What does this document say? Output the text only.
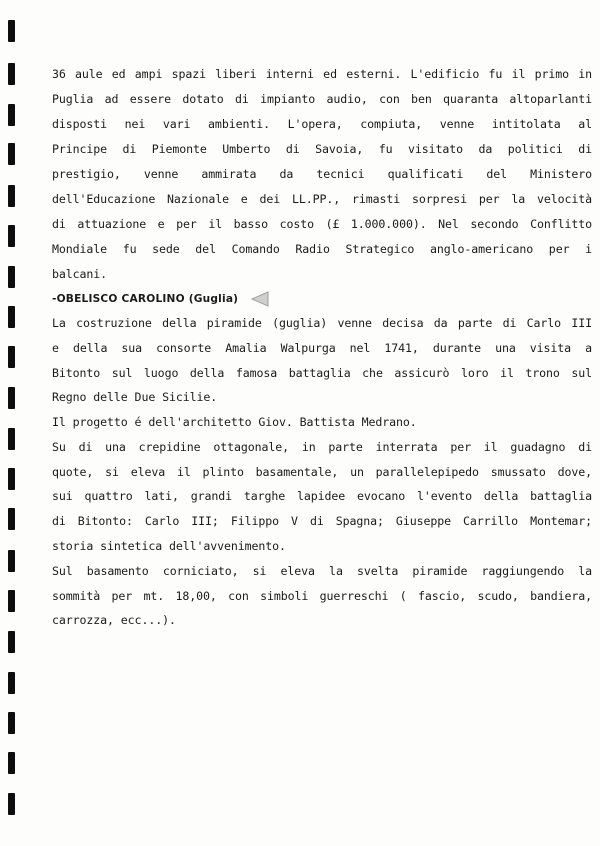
36 aule ed ampi spazi liberi interni ed esterni. L'edificio fu il primo in
Puglia ad essere dotato di impianto audio, con ben quaranta altoparlanti
disposti nei vari ambienti. L'opera, compiuta, venne intitolata al
Principe di Piemonte Umberto di Savoia, fu visitato da politici di
prestigio, venne ammirata da tecnici qualificati del Ministero
dell'Educazione Nazionale e dei LL.PP., rimasti sorpresi per la velocità
di attuazione e per il basso costo (£ 1.000.000). Nel secondo Conflitto
Mondiale fu sede del Comando Radio Strategico anglo-americano per i
balcani.
-OBELISCO CAROLINO (Guglia)
La costruzione della piramide (guglia) venne decisa da parte di Carlo III
e della sua consorte Amalia Walpurga nel 1741, durante una visita a
Bitonto sul luogo della famosa battaglia che assicurò loro il trono sul
Regno delle Due Sicilie.
Il progetto é dell'architetto Giov. Battista Medrano.
Su di una crepidine ottagonale, in parte interrata per il guadagno di
quote, si eleva il plinto basamentale, un parallelepipedo smussato dove,
sui quattro lati, grandi targhe lapidee evocano l'evento della battaglia
di Bitonto: Carlo III; Filippo V di Spagna; Giuseppe Carrillo Montemar;
storia sintetica dell'avvenimento.
Sul basamento corniciato, si eleva la svelta piramide raggiungendo la
sommità per mt. 18,00, con simboli guerreschi ( fascio, scudo, bandiera,
carrozza, ecc...).
